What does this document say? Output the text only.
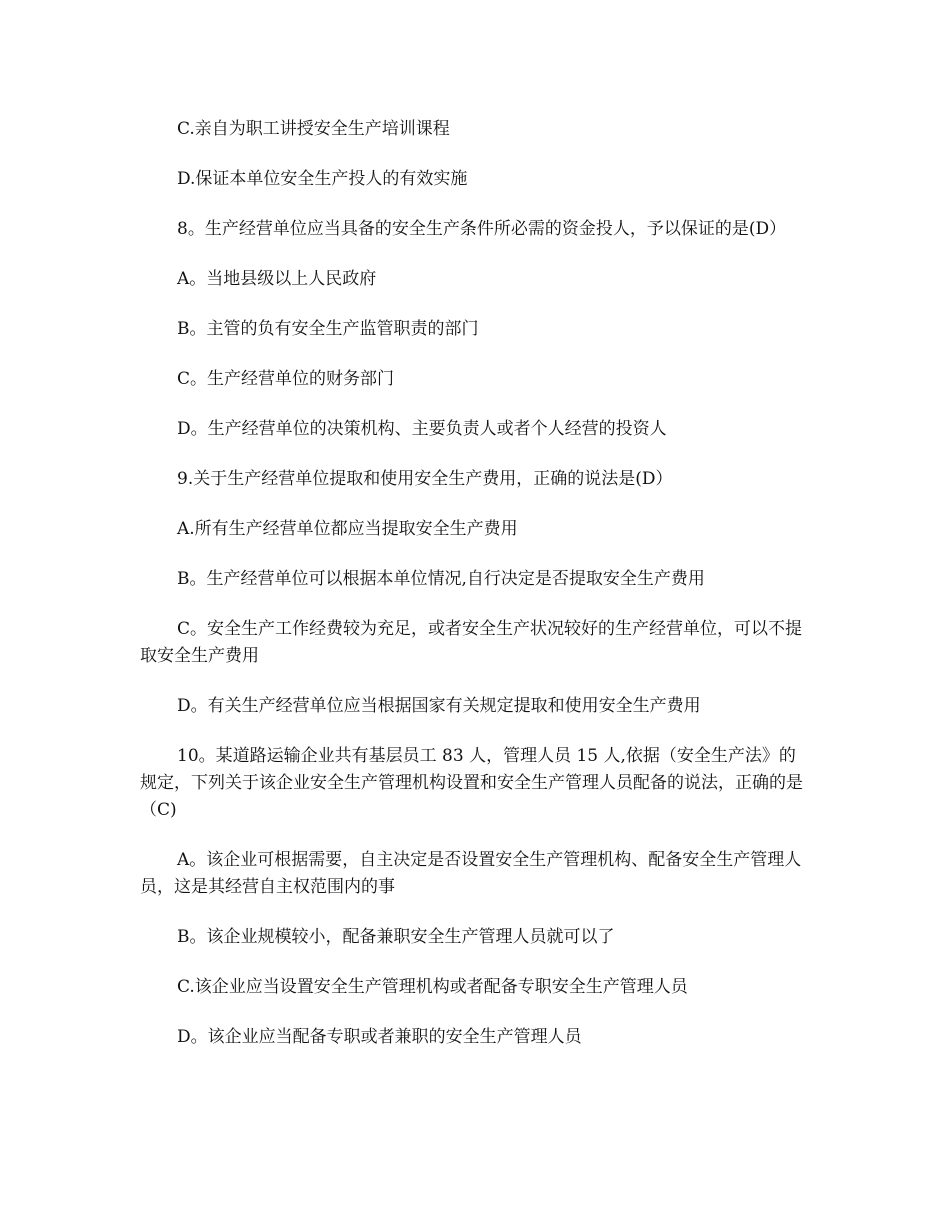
C.亲自为职工讲授安全生产培训课程

D.保证本单位安全生产投人的有效实施

8。生产经营单位应当具备的安全生产条件所必需的资金投人，予以保证的是(D）

A。当地县级以上人民政府

B。主管的负有安全生产监管职责的部门

C。生产经营单位的财务部门

D。生产经营单位的决策机构、主要负责人或者个人经营的投资人

9.关于生产经营单位提取和使用安全生产费用，正确的说法是(D）

A.所有生产经营单位都应当提取安全生产费用

B。生产经营单位可以根据本单位情况,自行决定是否提取安全生产费用

C。安全生产工作经费较为充足，或者安全生产状况较好的生产经营单位，可以不提取安全生产费用

D。有关生产经营单位应当根据国家有关规定提取和使用安全生产费用

10。某道路运输企业共有基层员工 83 人，管理人员 15 人,依据（安全生产法》的规定，下列关于该企业安全生产管理机构设置和安全生产管理人员配备的说法，正确的是（C)

A。该企业可根据需要，自主决定是否设置安全生产管理机构、配备安全生产管理人员，这是其经营自主权范围内的事

B。该企业规模较小，配备兼职安全生产管理人员就可以了

C.该企业应当设置安全生产管理机构或者配备专职安全生产管理人员

D。该企业应当配备专职或者兼职的安全生产管理人员
